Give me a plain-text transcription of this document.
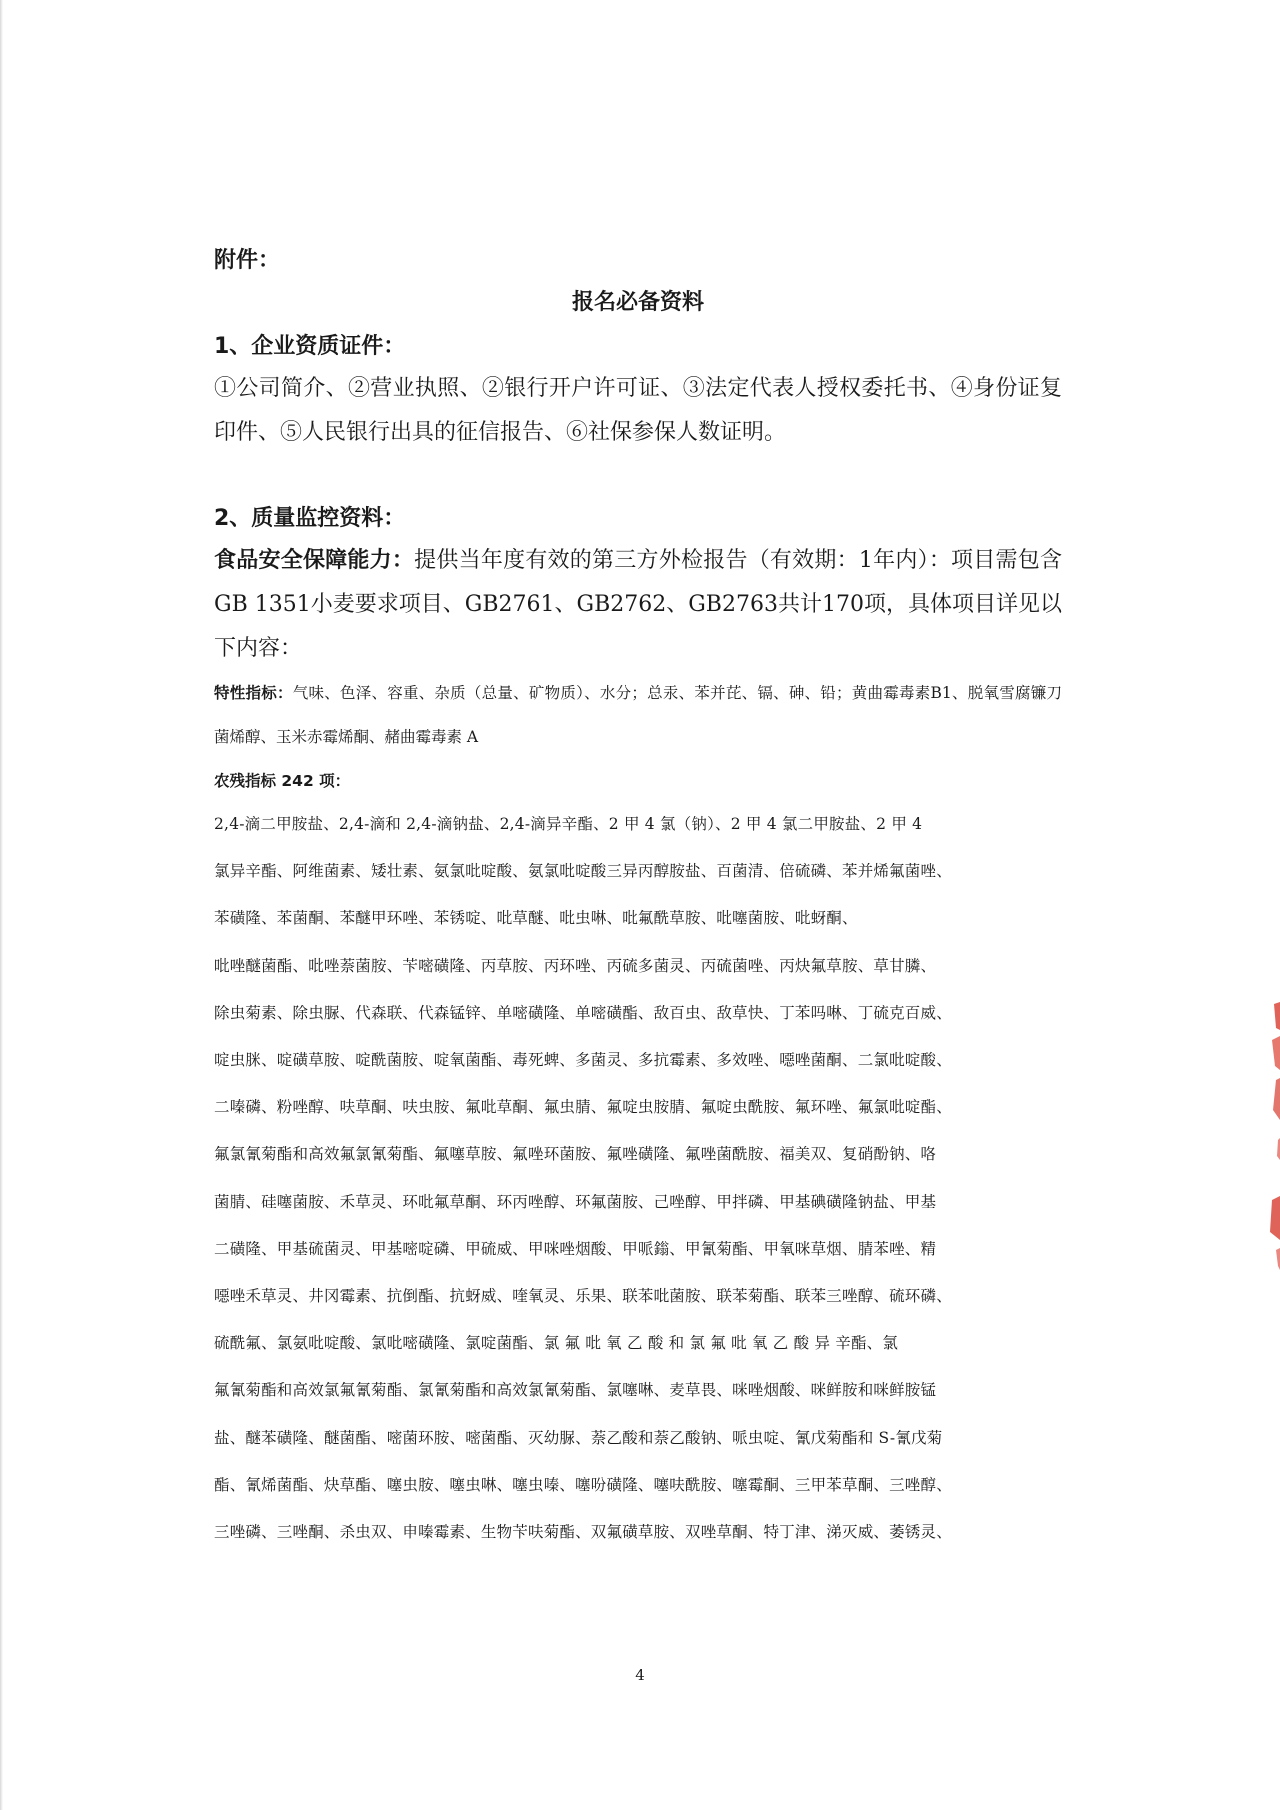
附件：
报名必备资料
1、企业资质证件：

①公司简介、②营业执照、②银行开户许可证、③法定代表人授权委托书、④身份证复印件、⑤人民银行出具的征信报告、⑥社保参保人数证明。

2、质量监控资料：

食品安全保障能力：提供当年度有效的第三方外检报告（有效期：1年内）：项目需包含GB 1351小麦要求项目、GB2761、GB2762、GB2763共计170项，具体项目详见以下内容：

特性指标：气味、色泽、容重、杂质（总量、矿物质）、水分；总汞、苯并芘、镉、砷、铅；黄曲霉毒素B1、脱氧雪腐镰刀菌烯醇、玉米赤霉烯酮、赭曲霉毒素 A

农残指标 242 项：
2,4-滴二甲胺盐、2,4-滴和 2,4-滴钠盐、2,4-滴异辛酯、2 甲 4 氯（钠）、2 甲 4 氯二甲胺盐、2 甲 4
氯异辛酯、阿维菌素、矮壮素、氨氯吡啶酸、氨氯吡啶酸三异丙醇胺盐、百菌清、倍硫磷、苯并烯氟菌唑、
苯磺隆、苯菌酮、苯醚甲环唑、苯锈啶、吡草醚、吡虫啉、吡氟酰草胺、吡噻菌胺、吡蚜酮、
吡唑醚菌酯、吡唑萘菌胺、苄嘧磺隆、丙草胺、丙环唑、丙硫多菌灵、丙硫菌唑、丙炔氟草胺、草甘膦、
除虫菊素、除虫脲、代森联、代森锰锌、单嘧磺隆、单嘧磺酯、敌百虫、敌草快、丁苯吗啉、丁硫克百威、
啶虫脒、啶磺草胺、啶酰菌胺、啶氧菌酯、毒死蜱、多菌灵、多抗霉素、多效唑、噁唑菌酮、二氯吡啶酸、
二嗪磷、粉唑醇、呋草酮、呋虫胺、氟吡草酮、氟虫腈、氟啶虫胺腈、氟啶虫酰胺、氟环唑、氟氯吡啶酯、
氟氯氰菊酯和高效氟氯氰菊酯、氟噻草胺、氟唑环菌胺、氟唑磺隆、氟唑菌酰胺、福美双、复硝酚钠、咯
菌腈、硅噻菌胺、禾草灵、环吡氟草酮、环丙唑醇、环氟菌胺、己唑醇、甲拌磷、甲基碘磺隆钠盐、甲基
二磺隆、甲基硫菌灵、甲基嘧啶磷、甲硫威、甲咪唑烟酸、甲哌鎓、甲氰菊酯、甲氧咪草烟、腈苯唑、精
噁唑禾草灵、井冈霉素、抗倒酯、抗蚜威、喹氧灵、乐果、联苯吡菌胺、联苯菊酯、联苯三唑醇、硫环磷、
硫酰氟、氯氨吡啶酸、氯吡嘧磺隆、氯啶菌酯、氯 氟 吡 氧 乙 酸 和 氯 氟 吡 氧 乙 酸 异 辛酯、氯
氟氰菊酯和高效氯氟氰菊酯、氯氰菊酯和高效氯氰菊酯、氯噻啉、麦草畏、咪唑烟酸、咪鲜胺和咪鲜胺锰
盐、醚苯磺隆、醚菌酯、嘧菌环胺、嘧菌酯、灭幼脲、萘乙酸和萘乙酸钠、哌虫啶、氰戊菊酯和 S-氰戊菊
酯、氰烯菌酯、炔草酯、噻虫胺、噻虫啉、噻虫嗪、噻吩磺隆、噻呋酰胺、噻霉酮、三甲苯草酮、三唑醇、
三唑磷、三唑酮、杀虫双、申嗪霉素、生物苄呋菊酯、双氟磺草胺、双唑草酮、特丁津、涕灭威、萎锈灵、
4
